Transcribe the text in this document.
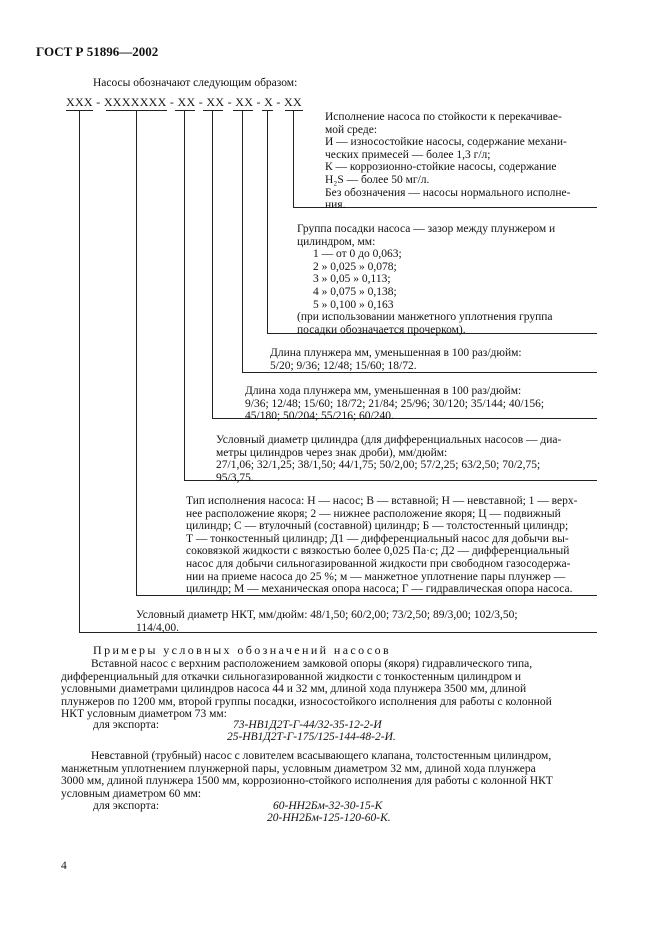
ГОСТ Р 51896—2002
Насосы обозначают следующим образом:
XXX - XXXXXXX - XX - XX - XX - X - XX
Исполнение насоса по стойкости к перекачивае-
мой среде:
И — износостойкие насосы, содержание механи-
ческих примесей — более 1,3 г/л;
К — коррозионно-стойкие насосы, содержание
H₂S — более 50 мг/л.
Без обозначения — насосы нормального исполне-
ния.
Группа посадки насоса — зазор между плунжером и
цилиндром, мм:
1 — от 0 до 0,063;
2 » 0,025 » 0,078;
3 » 0,05 » 0,113;
4 » 0,075 » 0,138;
5 » 0,100 » 0,163
(при использовании манжетного уплотнения группа
посадки обозначается прочерком).
Длина плунжера мм, уменьшенная в 100 раз/дюйм:
5/20; 9/36; 12/48; 15/60; 18/72.
Длина хода плунжера мм, уменьшенная в 100 раз/дюйм:
9/36; 12/48; 15/60; 18/72; 21/84; 25/96; 30/120; 35/144; 40/156;
45/180; 50/204; 55/216; 60/240.
Условный диаметр цилиндра (для дифференциальных насосов — диа-
метры цилиндров через знак дроби), мм/дюйм:
27/1,06; 32/1,25; 38/1,50; 44/1,75; 50/2,00; 57/2,25; 63/2,50; 70/2,75;
95/3,75.
Тип исполнения насоса: Н — насос; В — вставной; Н — невставной; 1 — верх-
нее расположение якоря; 2 — нижнее расположение якоря; Ц — подвижный
цилиндр; С — втулочный (составной) цилиндр; Б — толстостенный цилиндр;
Т — тонкостенный цилиндр; Д1 — дифференциальный насос для добычи вы-
соковязкой жидкости с вязкостью более 0,025 Па·с; Д2 — дифференциальный
насос для добычи сильногазированной жидкости при свободном газосодержа-
нии на приеме насоса до 25 %; м — манжетное уплотнение пары плунжер —
цилиндр; М — механическая опора насоса; Г — гидравлическая опора насоса.
Условный диаметр НКТ, мм/дюйм: 48/1,50; 60/2,00; 73/2,50; 89/3,00; 102/3,50;
114/4,00.
Примеры условных обозначений насосов
Вставной насос с верхним расположением замковой опоры (якоря) гидравлического типа,
дифференциальный для откачки сильногазированной жидкости с тонкостенным цилиндром и
условными диаметрами цилиндров насоса 44 и 32 мм, длиной хода плунжера 3500 мм, длиной
плунжеров по 1200 мм, второй группы посадки, износостойкого исполнения для работы с колонной
НКТ условным диаметром 73 мм:
для экспорта:	73-НВ1Д2Т-Г-44/32-35-12-2-И
25-НВ1Д2Т-Г-175/125-144-48-2-И.
Невставной (трубный) насос с ловителем всасывающего клапана, толстостенным цилиндром,
манжетным уплотнением плунжерной пары, условным диаметром 32 мм, длиной хода плунжера
3000 мм, длиной плунжера 1500 мм, коррозионно-стойкого исполнения для работы с колонной НКТ
условным диаметром 60 мм:
для экспорта:	60-НН2Бм-32-30-15-К
20-НН2Бм-125-120-60-К.
4
